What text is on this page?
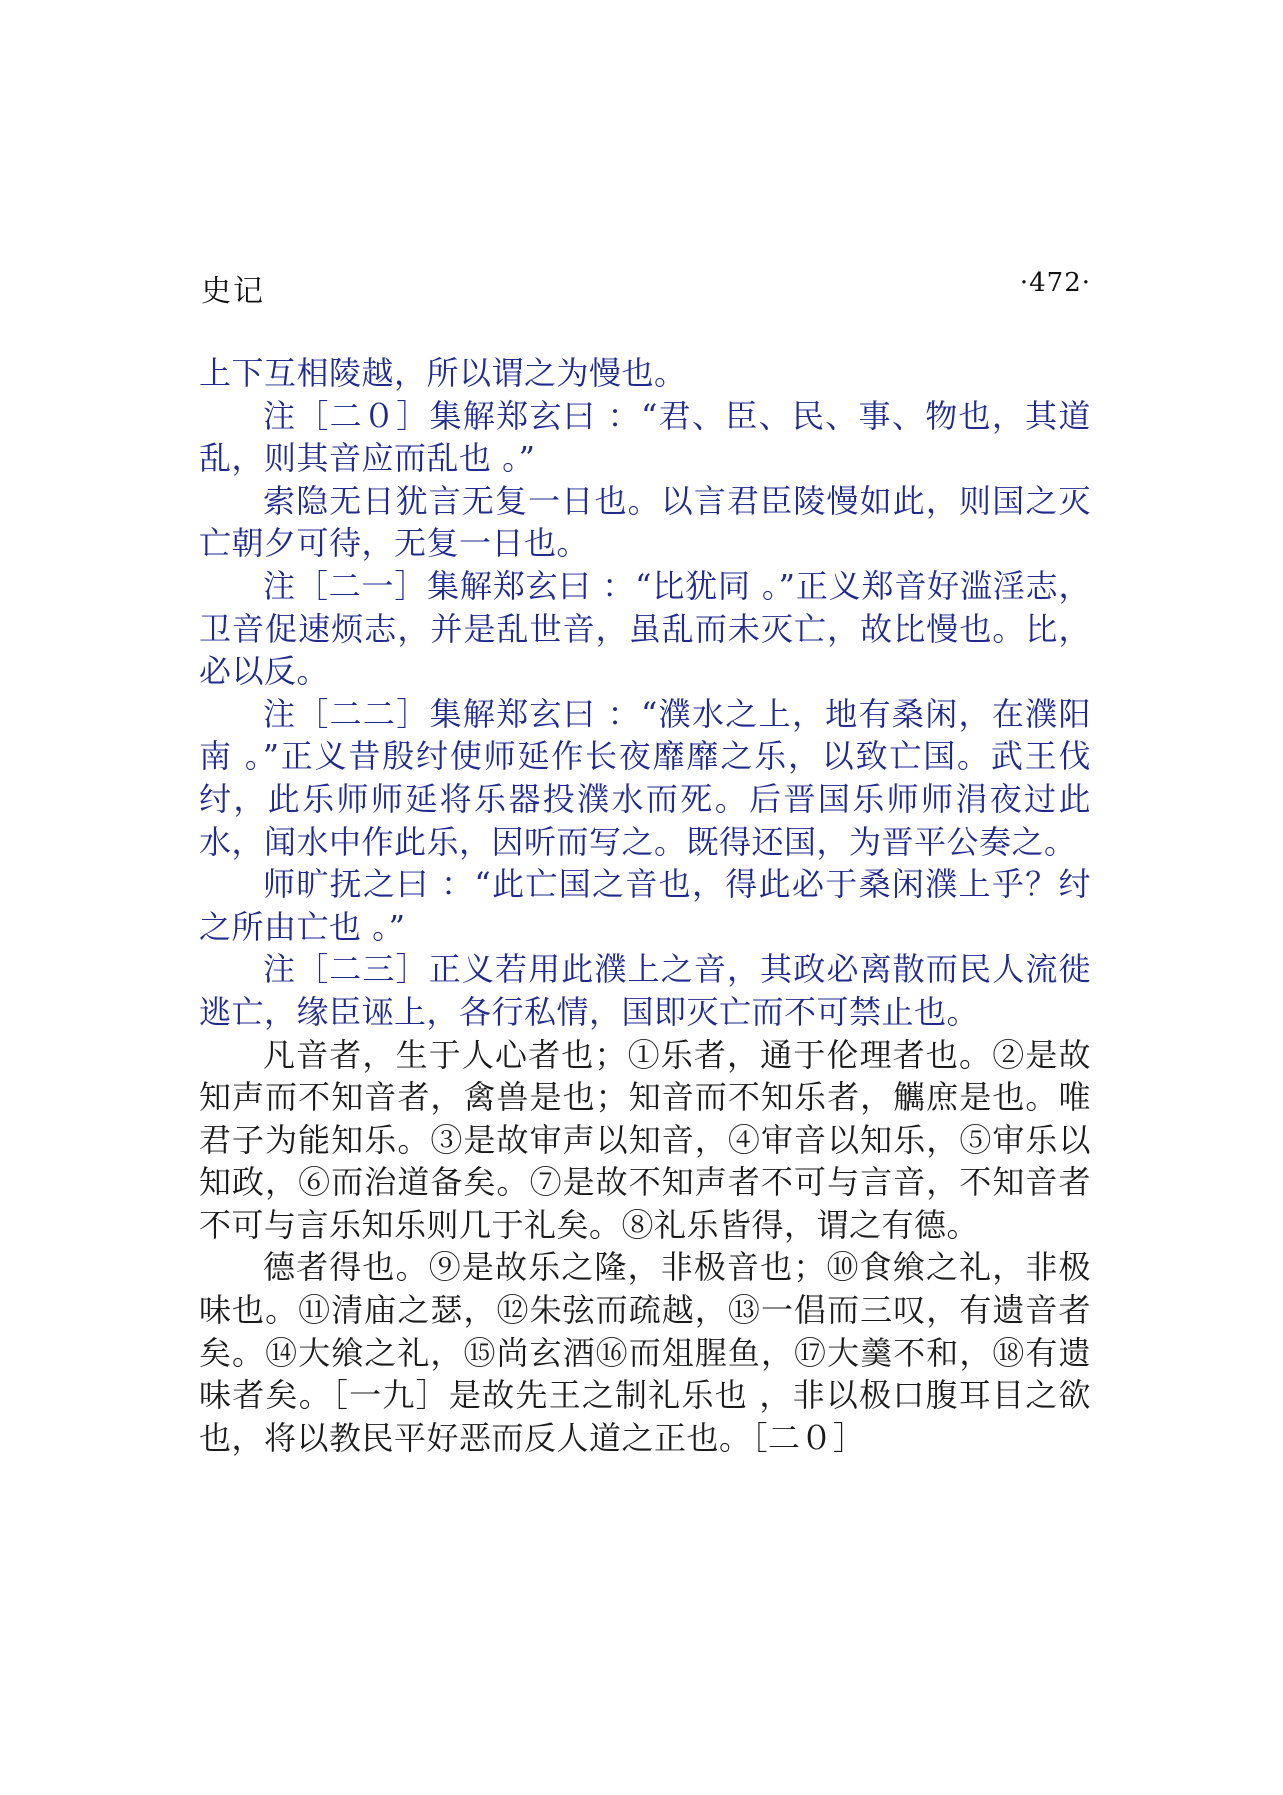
史记	·472·

上下互相陵越，所以谓之为慢也。

注［二０］集解郑玄曰 ：“君、臣、民、事、物也，其道乱，则其音应而乱也 。”

索隐无日犹言无复一日也。以言君臣陵慢如此，则国之灭亡朝夕可待，无复一日也。

注［二一］集解郑玄曰 ：“比犹同 。”正义郑音好滥淫志，卫音促速烦志，并是乱世音，虽乱而未灭亡，故比慢也。比，必以反。

注［二二］集解郑玄曰 ：“濮水之上，地有桑闲，在濮阳南 。”正义昔殷纣使师延作长夜靡靡之乐，以致亡国。武王伐纣，此乐师师延将乐器投濮水而死。后晋国乐师师涓夜过此水，闻水中作此乐，因听而写之。既得还国，为晋平公奏之。

师旷抚之曰 ：“此亡国之音也，得此必于桑闲濮上乎？纣之所由亡也 。”

注［二三］正义若用此濮上之音，其政必离散而民人流徙逃亡，缘臣诬上，各行私情，国即灭亡而不可禁止也。

凡音者，生于人心者也；①乐者，通于伦理者也。②是故知声而不知音者，禽兽是也；知音而不知乐者，觽庶是也。唯君子为能知乐。③是故审声以知音，④审音以知乐，⑤审乐以知政，⑥而治道备矣。⑦是故不知声者不可与言音，不知音者不可与言乐知乐则几于礼矣。⑧礼乐皆得，谓之有德。

德者得也。⑨是故乐之隆，非极音也；⑩食飨之礼，非极味也。⑪清庙之瑟，⑫朱弦而疏越，⑬一倡而三叹，有遗音者矣。⑭大飨之礼，⑮尚玄酒⑯而俎腥鱼，⑰大羹不和，⑱有遗味者矣。［一九］是故先王之制礼乐也 ，非以极口腹耳目之欲也，将以教民平好恶而反人道之正也。［二０］
